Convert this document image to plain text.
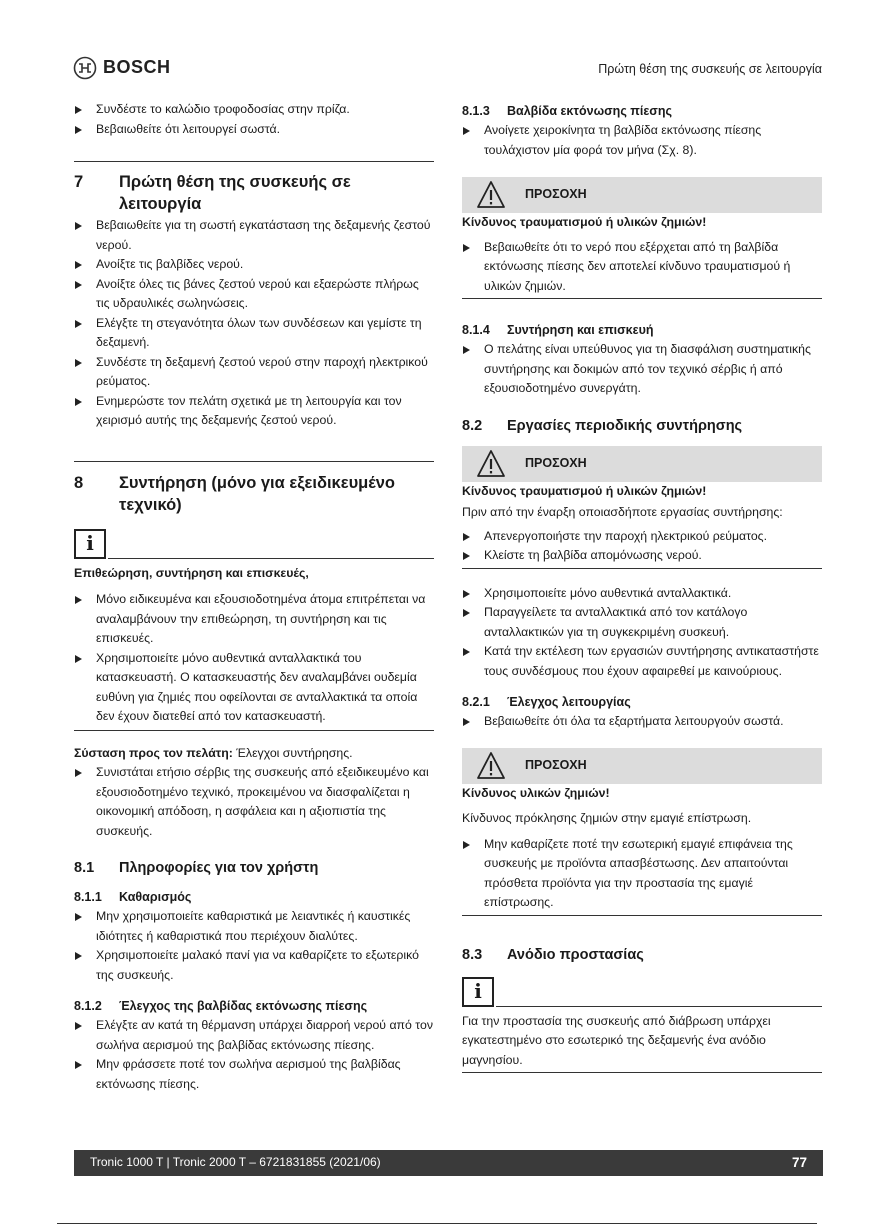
BOSCH	Πρώτη θέση της συσκευής σε λειτουργία
Συνδέστε το καλώδιο τροφοδοσίας στην πρίζα.
Βεβαιωθείτε ότι λειτουργεί σωστά.
7	Πρώτη θέση της συσκευής σε λειτουργία
Βεβαιωθείτε για τη σωστή εγκατάσταση της δεξαμενής ζεστού νερού.
Ανοίξτε τις βαλβίδες νερού.
Ανοίξτε όλες τις βάνες ζεστού νερού και εξαερώστε πλήρως τις υδραυλικές σωληνώσεις.
Ελέγξτε τη στεγανότητα όλων των συνδέσεων και γεμίστε τη δεξαμενή.
Συνδέστε τη δεξαμενή ζεστού νερού στην παροχή ηλεκτρικού ρεύματος.
Ενημερώστε τον πελάτη σχετικά με τη λειτουργία και τον χειρισμό αυτής της δεξαμενής ζεστού νερού.
8	Συντήρηση (μόνο για εξειδικευμένο τεχνικό)
i
Επιθεώρηση, συντήρηση και επισκευές,
Μόνο ειδικευμένα και εξουσιοδοτημένα άτομα επιτρέπεται να αναλαμβάνουν την επιθεώρηση, τη συντήρηση και τις επισκευές.
Χρησιμοποιείτε μόνο αυθεντικά ανταλλακτικά του κατασκευαστή. Ο κατασκευαστής δεν αναλαμβάνει ουδεμία ευθύνη για ζημιές που οφείλονται σε ανταλλακτικά τα οποία δεν έχουν διατεθεί από τον κατασκευαστή.
Σύσταση προς τον πελάτη: Έλεγχοι συντήρησης.
Συνιστάται ετήσιο σέρβις της συσκευής από εξειδικευμένο και εξουσιοδοτημένο τεχνικό, προκειμένου να διασφαλίζεται η οικονομική απόδοση, η ασφάλεια και η αξιοπιστία της συσκευής.
8.1	Πληροφορίες για τον χρήστη
8.1.1	Καθαρισμός
Μην χρησιμοποιείτε καθαριστικά με λειαντικές ή καυστικές ιδιότητες ή καθαριστικά που περιέχουν διαλύτες.
Χρησιμοποιείτε μαλακό πανί για να καθαρίζετε το εξωτερικό της συσκευής.
8.1.2	Έλεγχος της βαλβίδας εκτόνωσης πίεσης
Ελέγξτε αν κατά τη θέρμανση υπάρχει διαρροή νερού από τον σωλήνα αερισμού της βαλβίδας εκτόνωσης πίεσης.
Μην φράσσετε ποτέ τον σωλήνα αερισμού της βαλβίδας εκτόνωσης πίεσης.
8.1.3	Βαλβίδα εκτόνωσης πίεσης
Ανοίγετε χειροκίνητα τη βαλβίδα εκτόνωσης πίεσης τουλάχιστον μία φορά τον μήνα (Σχ. 8).
ΠΡΟΣΟΧΗ
Κίνδυνος τραυματισμού ή υλικών ζημιών!
Βεβαιωθείτε ότι το νερό που εξέρχεται από τη βαλβίδα εκτόνωσης πίεσης δεν αποτελεί κίνδυνο τραυματισμού ή υλικών ζημιών.
8.1.4	Συντήρηση και επισκευή
Ο πελάτης είναι υπεύθυνος για τη διασφάλιση συστηματικής συντήρησης και δοκιμών από τον τεχνικό σέρβις ή από εξουσιοδοτημένο συνεργάτη.
8.2	Εργασίες περιοδικής συντήρησης
ΠΡΟΣΟΧΗ
Κίνδυνος τραυματισμού ή υλικών ζημιών!
Πριν από την έναρξη οποιασδήποτε εργασίας συντήρησης:
Απενεργοποιήστε την παροχή ηλεκτρικού ρεύματος.
Κλείστε τη βαλβίδα απομόνωσης νερού.
Χρησιμοποιείτε μόνο αυθεντικά ανταλλακτικά.
Παραγγείλετε τα ανταλλακτικά από τον κατάλογο ανταλλακτικών για τη συγκεκριμένη συσκευή.
Κατά την εκτέλεση των εργασιών συντήρησης αντικαταστήστε τους συνδέσμους που έχουν αφαιρεθεί με καινούριους.
8.2.1	Έλεγχος λειτουργίας
Βεβαιωθείτε ότι όλα τα εξαρτήματα λειτουργούν σωστά.
ΠΡΟΣΟΧΗ
Κίνδυνος υλικών ζημιών!
Κίνδυνος πρόκλησης ζημιών στην εμαγιέ επίστρωση.
Μην καθαρίζετε ποτέ την εσωτερική εμαγιέ επιφάνεια της συσκευής με προϊόντα απασβέστωσης. Δεν απαιτούνται πρόσθετα προϊόντα για την προστασία της εμαγιέ επίστρωσης.
8.3	Ανόδιο προστασίας
i
Για την προστασία της συσκευής από διάβρωση υπάρχει εγκατεστημένο στο εσωτερικό της δεξαμενής ένα ανόδιο μαγνησίου.
Tronic 1000 T | Tronic 2000 T – 6721831855 (2021/06)	77
